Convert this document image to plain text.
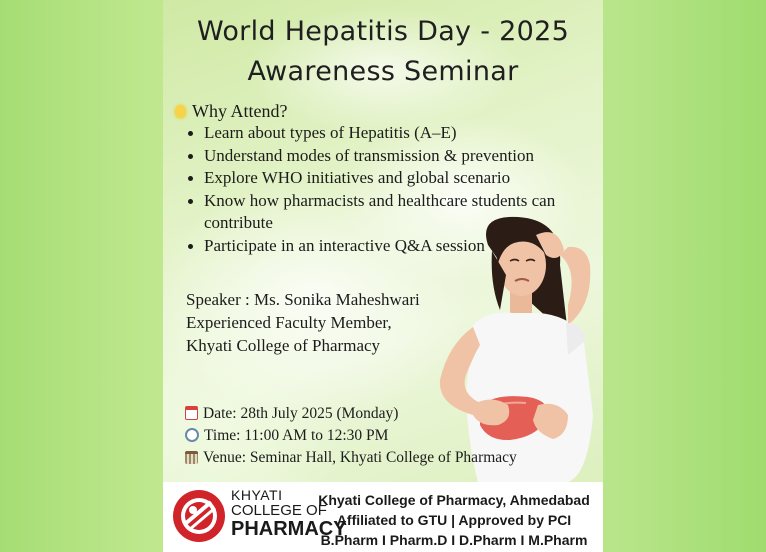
World Hepatitis Day - 2025
Awareness Seminar
Why Attend?
Learn about types of Hepatitis (A–E)
Understand modes of transmission & prevention
Explore WHO initiatives and global scenario
Know how pharmacists and healthcare students can contribute
Participate in an interactive Q&A session
Speaker : Ms. Sonika Maheshwari
Experienced Faculty Member,
Khyati College of Pharmacy
Date: 28th July 2025 (Monday)
Time: 11:00 AM to 12:30 PM
Venue: Seminar Hall, Khyati College of Pharmacy
KHYATI
COLLEGE OF
PHARMACY
Khyati College of Pharmacy, Ahmedabad
Affiliated to GTU | Approved by PCI
B.Pharm I Pharm.D I D.Pharm I M.Pharm
